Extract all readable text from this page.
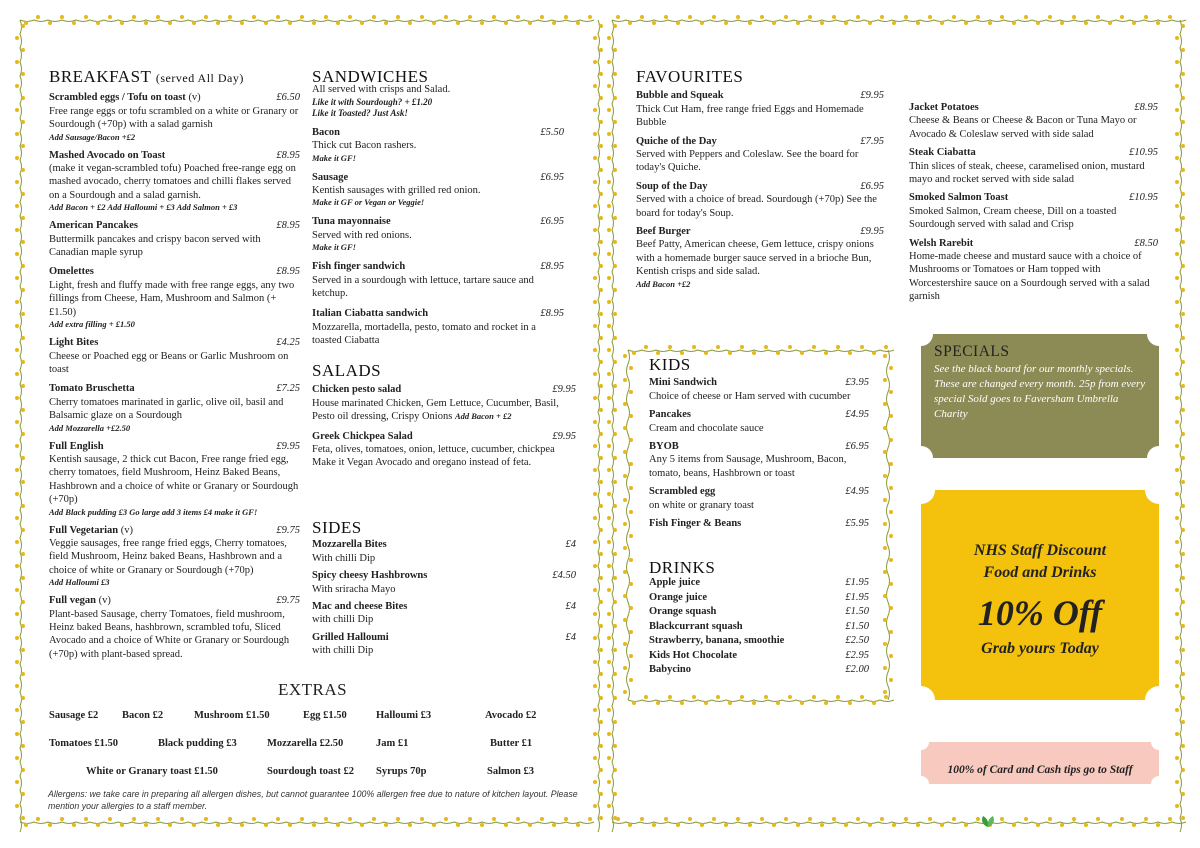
BREAKFAST (served All Day)
Scrambled eggs / Tofu on toast (v)	£6.50
Free range eggs or tofu scrambled on a white or Granary or Sourdough (+70p) with a salad garnish
Add Sausage/Bacon +£2
Mashed Avocado on Toast	£8.95
(make it vegan-scrambled tofu) Poached free-range egg on mashed avocado, cherry tomatoes and chilli flakes served on a Sourdough and a salad garnish.
Add Bacon + £2 Add Halloumi + £3 Add Salmon + £3
American Pancakes	£8.95
Buttermilk pancakes and crispy bacon served with Canadian maple syrup
Omelettes	£8.95
Light, fresh and fluffy made with free range eggs, any two fillings from Cheese, Ham, Mushroom and Salmon (+£1.50)
Add extra filling + £1.50
Light Bites	£4.25
Cheese or Poached egg or Beans or Garlic Mushroom on toast
Tomato Bruschetta	£7.25
Cherry tomatoes marinated in garlic, olive oil, basil and Balsamic glaze on a Sourdough
Add Mozzarella +£2.50
Full English	£9.95
Kentish sausage, 2 thick cut Bacon, Free range fried egg, cherry tomatoes, field Mushroom, Heinz Baked Beans, Hashbrown and a choice of white or Granary or Sourdough (+70p)
Add Black pudding £3 Go large add 3 items £4 make it GF!
Full Vegetarian (v)	£9.75
Veggie sausages, free range fried eggs, Cherry tomatoes, field Mushroom, Heinz baked Beans, Hashbrown and a choice of white or Granary or Sourdough (+70p)
Add Halloumi £3
Full vegan (v)	£9.75
Plant-based Sausage, cherry Tomatoes, field mushroom, Heinz baked Beans, hashbrown, scrambled tofu, Sliced Avocado and a choice of White or Granary or Sourdough (+70p) with plant-based spread.
SANDWICHES
All served with crisps and Salad.
Like it with Sourdough? + £1.20
Like it Toasted? Just Ask!
Bacon	£5.50
Thick cut Bacon rashers.
Make it GF!
Sausage	£6.95
Kentish sausages with grilled red onion.
Make it GF or Vegan or Veggie!
Tuna mayonnaise	£6.95
Served with red onions.
Make it GF!
Fish finger sandwich	£8.95
Served in a sourdough with lettuce, tartare sauce and ketchup.
Italian Ciabatta sandwich	£8.95
Mozzarella, mortadella, pesto, tomato and rocket in a toasted Ciabatta
SALADS
Chicken pesto salad	£9.95
House marinated Chicken, Gem Lettuce, Cucumber, Basil, Pesto oil dressing, Crispy Onions Add Bacon + £2
Greek Chickpea Salad	£9.95
Feta, olives, tomatoes, onion, lettuce, cucumber, chickpea Make it Vegan Avocado and oregano instead of feta.
SIDES
Mozzarella Bites	£4
With chilli Dip
Spicy cheesy Hashbrowns	£4.50
With sriracha Mayo
Mac and cheese Bites	£4
with chilli Dip
Grilled Halloumi	£4
with chilli Dip
EXTRAS
Sausage £2 Bacon £2	Mushroom £1.50	Egg £1.50	Halloumi £3	Avocado £2
Tomatoes £1.50	Black pudding £3	Mozzarella £2.50	Jam £1	Butter £1
White or Granary toast £1.50	Sourdough toast £2 Syrups 70p	Salmon £3
Allergens: we take care in preparing all allergen dishes, but cannot guarantee 100% allergen free due to nature of kitchen layout. Please mention your allergies to a staff member.
FAVOURITES
Bubble and Squeak	£9.95
Thick Cut Ham, free range fried Eggs and Homemade Bubble
Quiche of the Day	£7.95
Served with Peppers and Coleslaw. See the board for today's Quiche.
Soup of the Day	£6.95
Served with a choice of bread. Sourdough (+70p) See the board for today's Soup.
Beef Burger	£9.95
Beef Patty, American cheese, Gem lettuce, crispy onions with a homemade burger sauce served in a brioche Bun, Kentish crisps and side salad.
Add Bacon +£2
Jacket Potatoes	£8.95
Cheese & Beans or Cheese & Bacon or Tuna Mayo or Avocado & Coleslaw served with side salad
Steak Ciabatta	£10.95
Thin slices of steak, cheese, caramelised onion, mustard mayo and rocket served with side salad
Smoked Salmon Toast	£10.95
Smoked Salmon, Cream cheese, Dill on a toasted Sourdough served with salad and Crisp
Welsh Rarebit	£8.50
Home-made cheese and mustard sauce with a choice of Mushrooms or Tomatoes or Ham topped with Worcestershire sauce on a Sourdough served with a salad garnish
KIDS
Mini Sandwich	£3.95
Choice of cheese or Ham served with cucumber
Pancakes	£4.95
Cream and chocolate sauce
BYOB	£6.95
Any 5 items from Sausage, Mushroom, Bacon, tomato, beans, Hashbrown or toast
Scrambled egg	£4.95
on white or granary toast
Fish Finger & Beans	£5.95
DRINKS
Apple juice	£1.95
Orange juice	£1.95
Orange squash	£1.50
Blackcurrant squash	£1.50
Strawberry, banana, smoothie	£2.50
Kids Hot Chocolate	£2.95
Babycino	£2.00
SPECIALS
See the black board for our monthly specials. These are changed every month. 25p from every special Sold goes to Faversham Umbrella Charity
NHS Staff Discount
Food and Drinks
10% Off
Grab yours Today
100% of Card and Cash tips go to Staff
